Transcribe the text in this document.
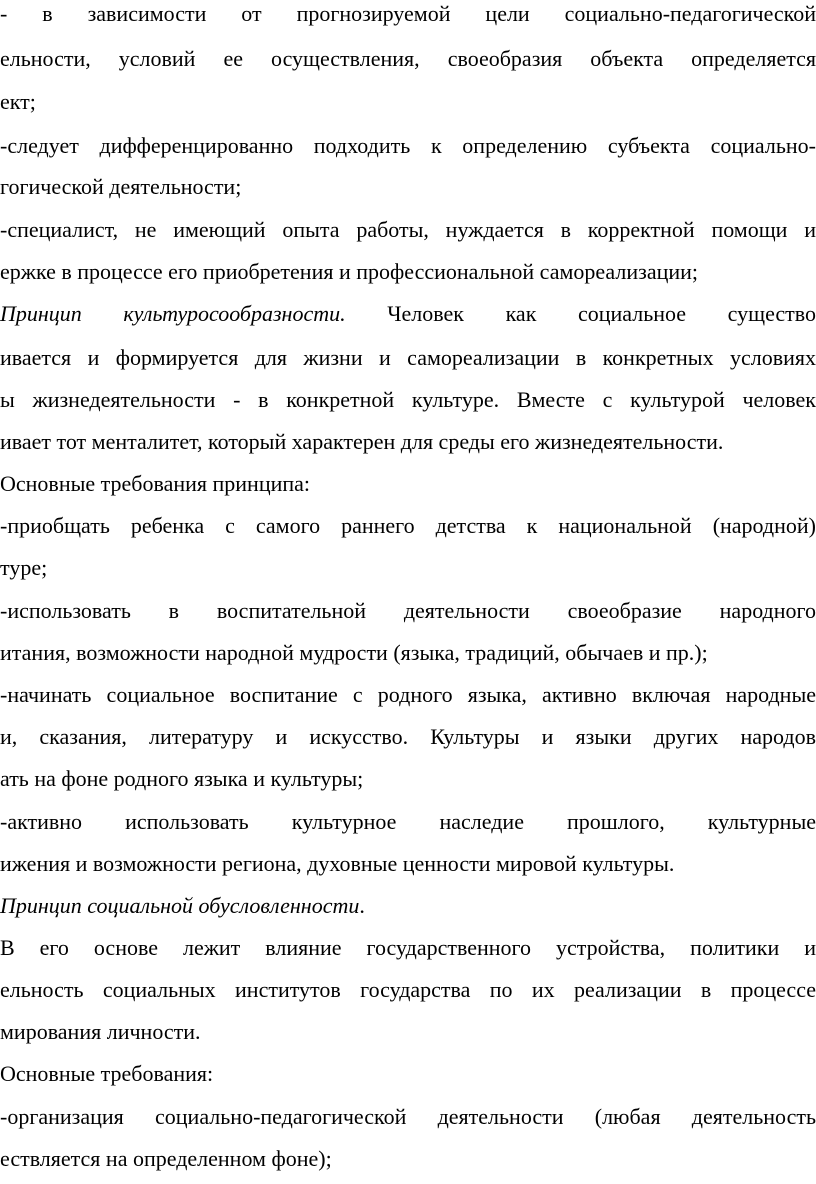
- в зависимости от прогнозируемой цели социально-педагогической
ельности, условий ее осуществления, своеобразия объекта определяется
ект;
-следует дифференцированно подходить к определению субъекта социально-
гогической деятельности;
-специалист, не имеющий опыта работы, нуждается в корректной помощи и
ержке в процессе его приобретения и профессиональной самореализации;
Принцип культуросообразности. Человек как социальное существо
ивается и формируется для жизни и самореализации в конкретных условиях
ы жизнедеятельности - в конкретной культуре. Вместе с культурой человек
ивает тот менталитет, который характерен для среды его жизнедеятельности.
Основные требования принципа:
-приобщать ребенка с самого раннего детства к национальной (народной)
туре;
-использовать в воспитательной деятельности своеобразие народного
итания, возможности народной мудрости (языка, традиций, обычаев и пр.);
-начинать социальное воспитание с родного языка, активно включая народные
и, сказания, литературу и искусство. Культуры и языки других народов
ать на фоне родного языка и культуры;
-активно использовать культурное наследие прошлого, культурные
ижения и возможности региона, духовные ценности мировой культуры.
Принцип социальной обусловленности.
В его основе лежит влияние государственного устройства, политики и
ельность социальных институтов государства по их реализации в процессе
мирования личности.
Основные требования:
-организация социально-педагогической деятельности (любая деятельность
ествляется на определенном фоне);
